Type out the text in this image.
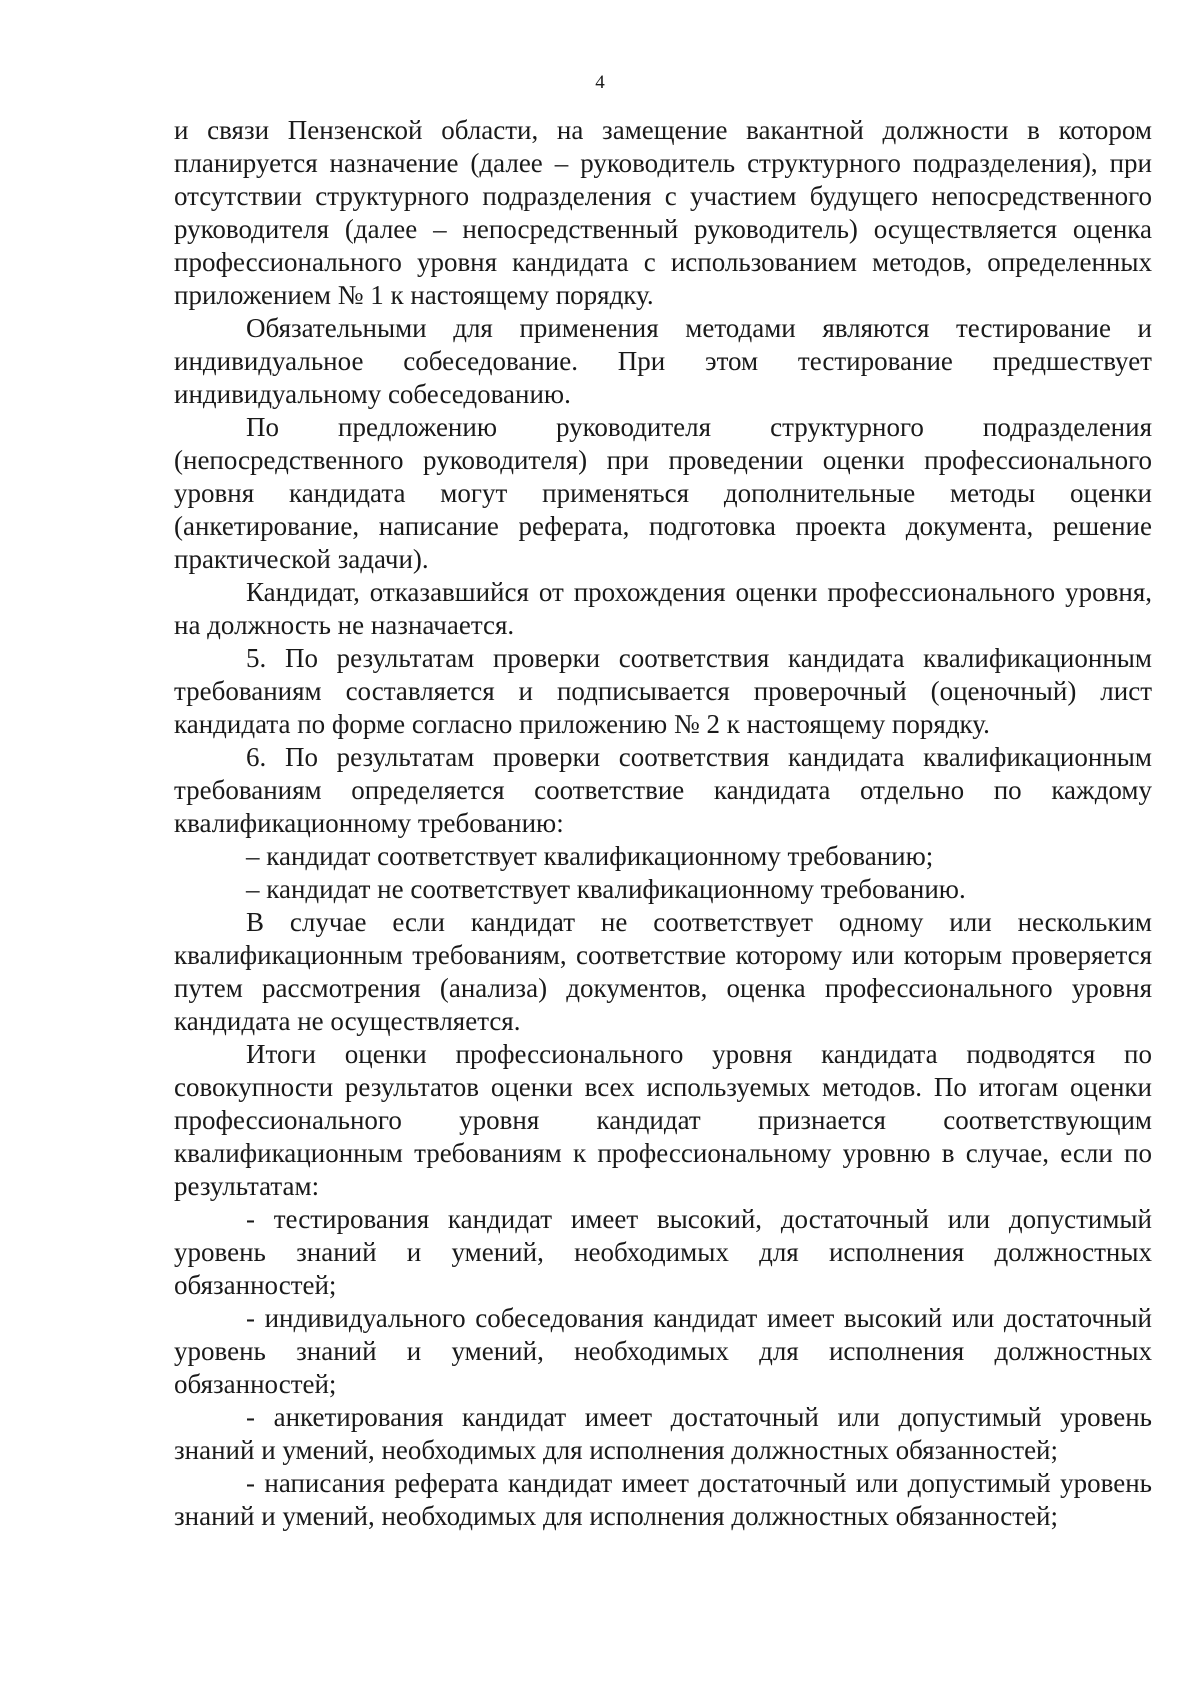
4

и связи Пензенской области, на замещение вакантной должности в котором планируется назначение (далее – руководитель структурного подразделения), при отсутствии структурного подразделения с участием будущего непосредственного руководителя (далее – непосредственный руководитель) осуществляется оценка профессионального уровня кандидата с использованием методов, определенных приложением № 1 к настоящему порядку.

Обязательными для применения методами являются тестирование и индивидуальное собеседование. При этом тестирование предшествует индивидуальному собеседованию.

По предложению руководителя структурного подразделения (непосредственного руководителя) при проведении оценки профессионального уровня кандидата могут применяться дополнительные методы оценки (анкетирование, написание реферата, подготовка проекта документа, решение практической задачи).

Кандидат, отказавшийся от прохождения оценки профессионального уровня, на должность не назначается.

5. По результатам проверки соответствия кандидата квалификационным требованиям составляется и подписывается проверочный (оценочный) лист кандидата по форме согласно приложению № 2 к настоящему порядку.

6. По результатам проверки соответствия кандидата квалификационным требованиям определяется соответствие кандидата отдельно по каждому квалификационному требованию:

– кандидат соответствует квалификационному требованию;

– кандидат не соответствует квалификационному требованию.

В случае если кандидат не соответствует одному или нескольким квалификационным требованиям, соответствие которому или которым проверяется путем рассмотрения (анализа) документов, оценка профессионального уровня кандидата не осуществляется.

Итоги оценки профессионального уровня кандидата подводятся по совокупности результатов оценки всех используемых методов. По итогам оценки профессионального уровня кандидат признается соответствующим квалификационным требованиям к профессиональному уровню в случае, если по результатам:

- тестирования кандидат имеет высокий, достаточный или допустимый уровень знаний и умений, необходимых для исполнения должностных обязанностей;

- индивидуального собеседования кандидат имеет высокий или достаточный уровень знаний и умений, необходимых для исполнения должностных обязанностей;

- анкетирования кандидат имеет достаточный или допустимый уровень знаний и умений, необходимых для исполнения должностных обязанностей;

- написания реферата кандидат имеет достаточный или допустимый уровень знаний и умений, необходимых для исполнения должностных обязанностей;
